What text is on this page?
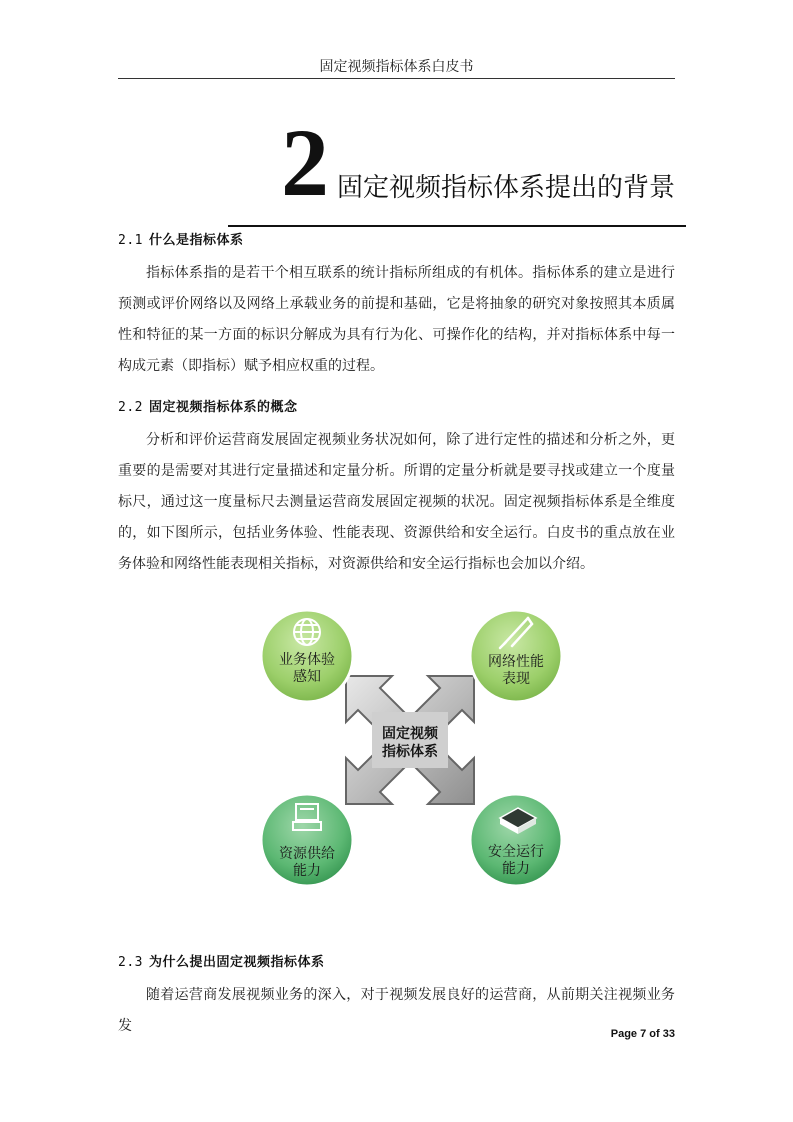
固定视频指标体系白皮书
2 固定视频指标体系提出的背景
2.1 什么是指标体系
指标体系指的是若干个相互联系的统计指标所组成的有机体。指标体系的建立是进行预测或评价网络以及网络上承载业务的前提和基础，它是将抽象的研究对象按照其本质属性和特征的某一方面的标识分解成为具有行为化、可操作化的结构，并对指标体系中每一构成元素（即指标）赋予相应权重的过程。
2.2 固定视频指标体系的概念
分析和评价运营商发展固定视频业务状况如何，除了进行定性的描述和分析之外，更重要的是需要对其进行定量描述和定量分析。所谓的定量分析就是要寻找或建立一个度量标尺，通过这一度量标尺去测量运营商发展固定视频的状况。固定视频指标体系是全维度的，如下图所示，包括业务体验、性能表现、资源供给和安全运行。白皮书的重点放在业务体验和网络性能表现相关指标，对资源供给和安全运行指标也会加以介绍。
固定视频
指标体系
业务体验
感知
网络性能
表现
资源供给
能力
安全运行
能力
2.3 为什么提出固定视频指标体系
随着运营商发展视频业务的深入，对于视频发展良好的运营商，从前期关注视频业务发	Page 7 of 33
